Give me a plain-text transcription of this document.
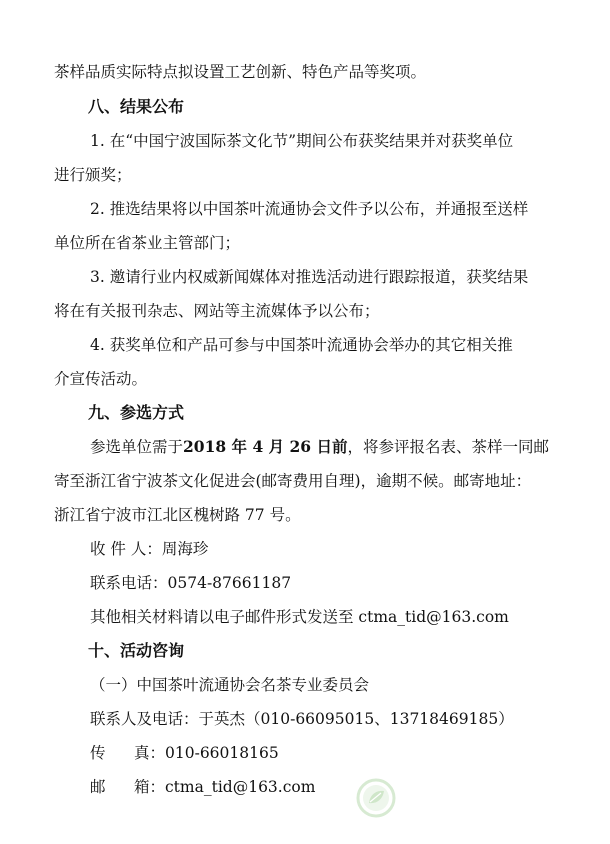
茶样品质实际特点拟设置工艺创新、特色产品等奖项。
八、结果公布
1. 在“中国宁波国际茶文化节”期间公布获奖结果并对获奖单位
进行颁奖；
2. 推选结果将以中国茶叶流通协会文件予以公布，并通报至送样
单位所在省茶业主管部门；
3. 邀请行业内权威新闻媒体对推选活动进行跟踪报道，获奖结果
将在有关报刊杂志、网站等主流媒体予以公布；
4. 获奖单位和产品可参与中国茶叶流通协会举办的其它相关推
介宣传活动。
九、参选方式
参选单位需于2018 年 4 月 26 日前，将参评报名表、茶样一同邮
寄至浙江省宁波茶文化促进会(邮寄费用自理)，逾期不候。邮寄地址：
浙江省宁波市江北区槐树路 77 号。
收 件 人：周海珍
联系电话：0574-87661187
其他相关材料请以电子邮件形式发送至 ctma_tid@163.com
十、活动咨询
（一）中国茶叶流通协会名茶专业委员会
联系人及电话：于英杰（010-66095015、13718469185）
传 真：010-66018165
邮 箱：ctma_tid@163.com
